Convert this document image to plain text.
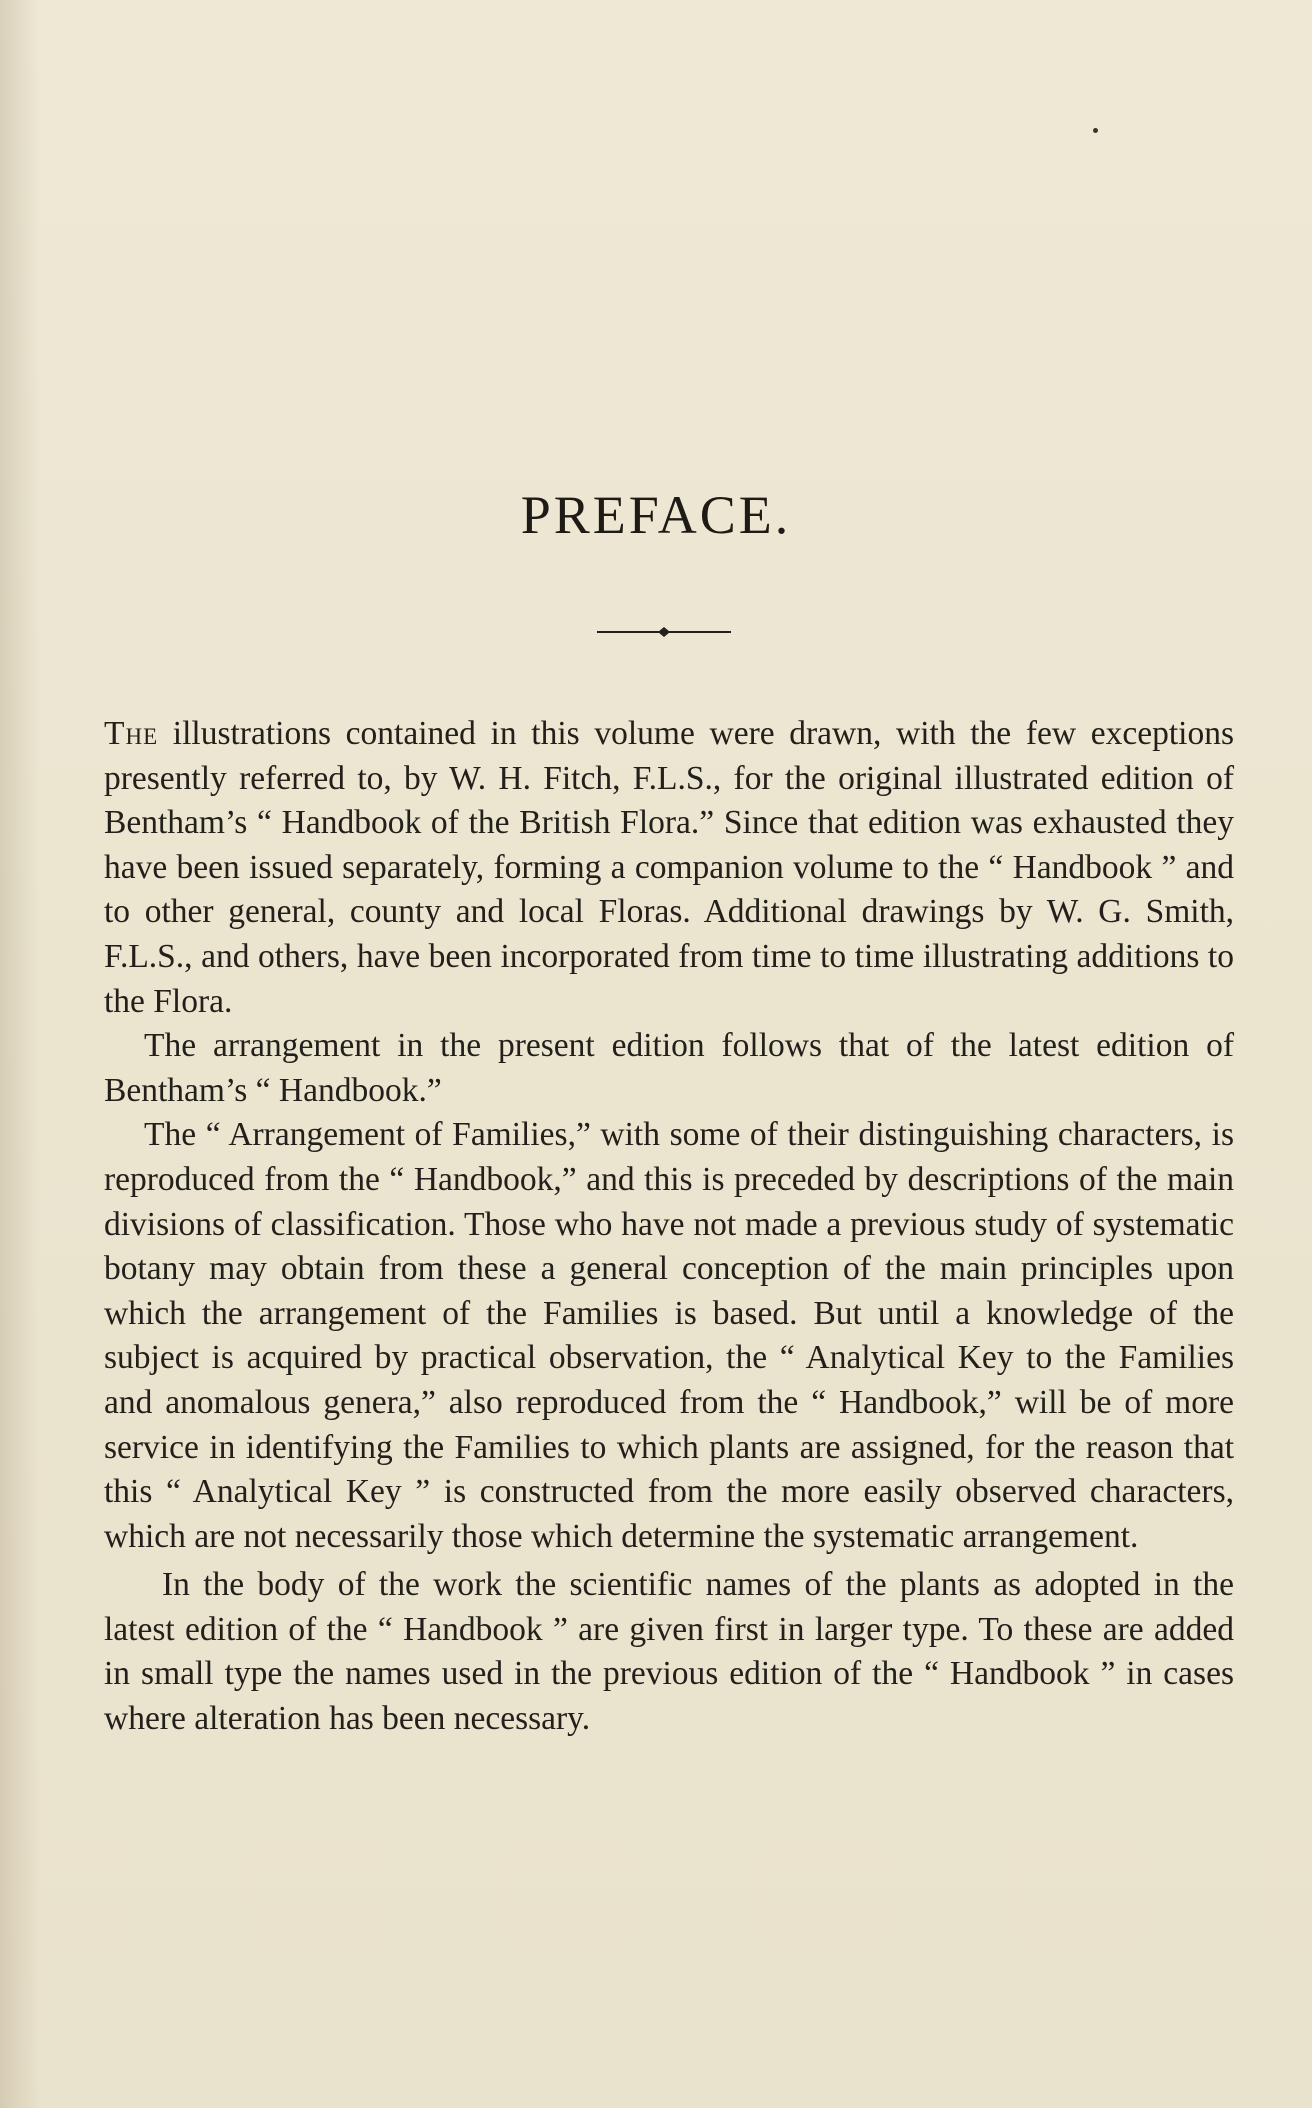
PREFACE.

The illustrations contained in this volume were drawn, with the few exceptions presently referred to, by W. H. Fitch, F.L.S., for the original illustrated edition of Bentham’s “ Handbook of the British Flora.” Since that edition was exhausted they have been issued separately, forming a companion volume to the “ Handbook ” and to other general, county and local Floras. Additional drawings by W. G. Smith, F.L.S., and others, have been incorporated from time to time illustrating additions to the Flora.

The arrangement in the present edition follows that of the latest edition of Bentham’s “ Handbook.”

The “ Arrangement of Families,” with some of their distinguishing characters, is reproduced from the “ Handbook,” and this is preceded by descriptions of the main divisions of classification. Those who have not made a previous study of systematic botany may obtain from these a general conception of the main principles upon which the arrangement of the Families is based. But until a knowledge of the subject is acquired by practical observation, the “ Analytical Key to the Families and anomalous genera,” also reproduced from the “ Handbook,” will be of more service in identifying the Families to which plants are assigned, for the reason that this “ Analytical Key ” is constructed from the more easily observed characters, which are not necessarily those which determine the systematic arrangement.

In the body of the work the scientific names of the plants as adopted in the latest edition of the “ Handbook ” are given first in larger type. To these are added in small type the names used in the previous edition of the “ Handbook ” in cases where alteration has been necessary.
